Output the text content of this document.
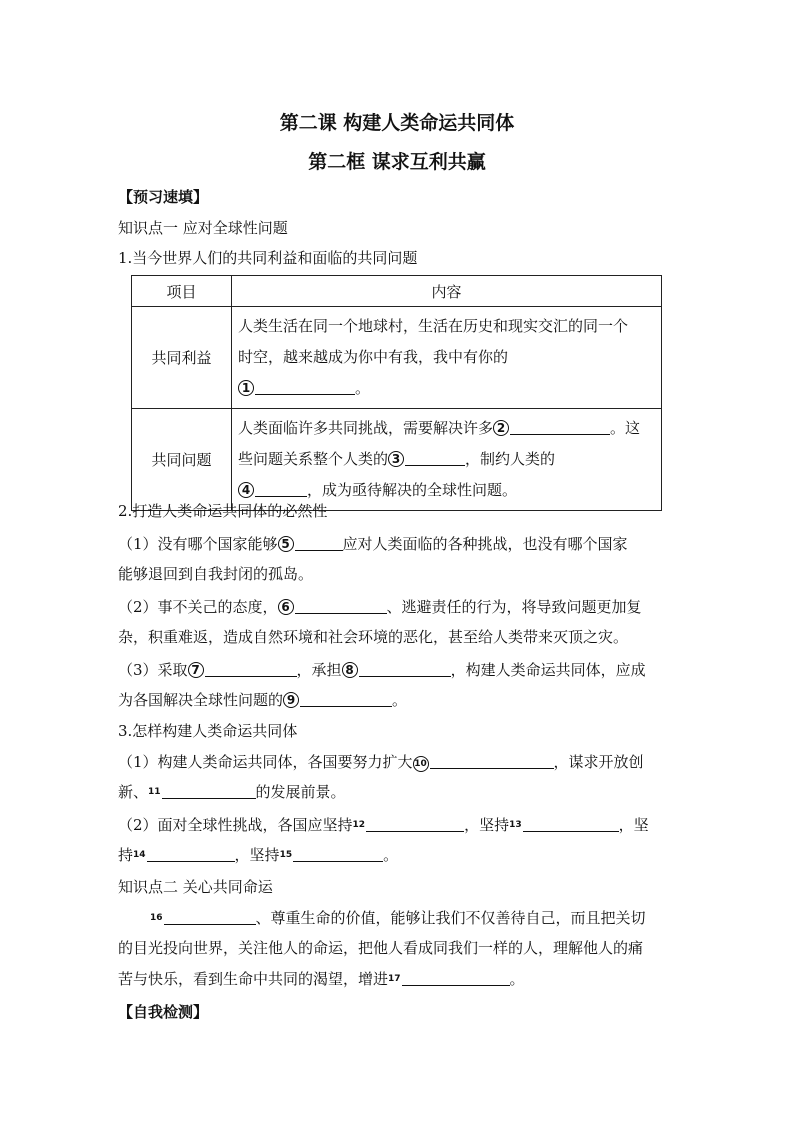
第二课 构建人类命运共同体
第二框 谋求互利共赢
【预习速填】
知识点一 应对全球性问题
1.当今世界人们的共同利益和面临的共同问题
项目	内容
共同利益	人类生活在同一个地球村，生活在历史和现实交汇的同一个
时空，越来越成为你中有我，我中有你的
1 。
共同问题	人类面临许多共同挑战，需要解决许多 2 。这
些问题关系整个人类的 3 ，制约人类的
4 ，成为亟待解决的全球性问题。
2.打造人类命运共同体的必然性
（1）没有哪个国家能够 5	应对人类面临的各种挑战，也没有哪个国家
能够退回到自我封闭的孤岛。
（2）事不关己的态度， 6	、逃避责任的行为，将导致问题更加复
杂，积重难返，造成自然环境和社会环境的恶化，甚至给人类带来灭顶之灾。
（3）采取 7	，承担 8	，构建人类命运共同体，应成
为各国解决全球性问题的 9	。
3.怎样构建人类命运共同体
（1）构建人类命运共同体，各国要努力扩大 10	，谋求开放创
新、11	的发展前景。
（2）面对全球性挑战，各国应坚持12	，坚持13	，坚
持14	，坚持15	。
知识点二 关心共同命运
16	、尊重生命的价值，能够让我们不仅善待自己，而且把关切
的目光投向世界，关注他人的命运，把他人看成同我们一样的人，理解他人的痛
苦与快乐，看到生命中共同的渴望，增进17	。
【自我检测】
